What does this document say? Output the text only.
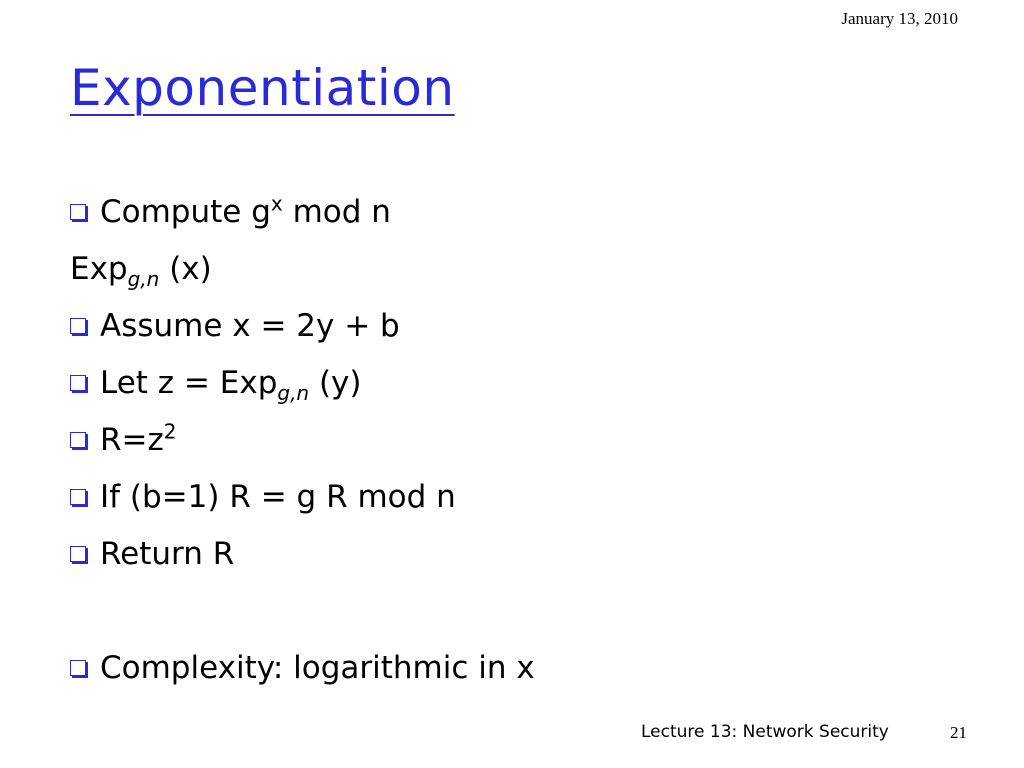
January 13, 2010
Exponentiation
Compute $g^x$ mod n
Exp$_{g,n}$ (x)
Assume x = 2y + b
Let z = Exp$_{g,n}$ (y)
$R=z^2$
If (b=1) R = g R mod n
Return R
Complexity: logarithmic in x
Lecture 13: Network Security	21
